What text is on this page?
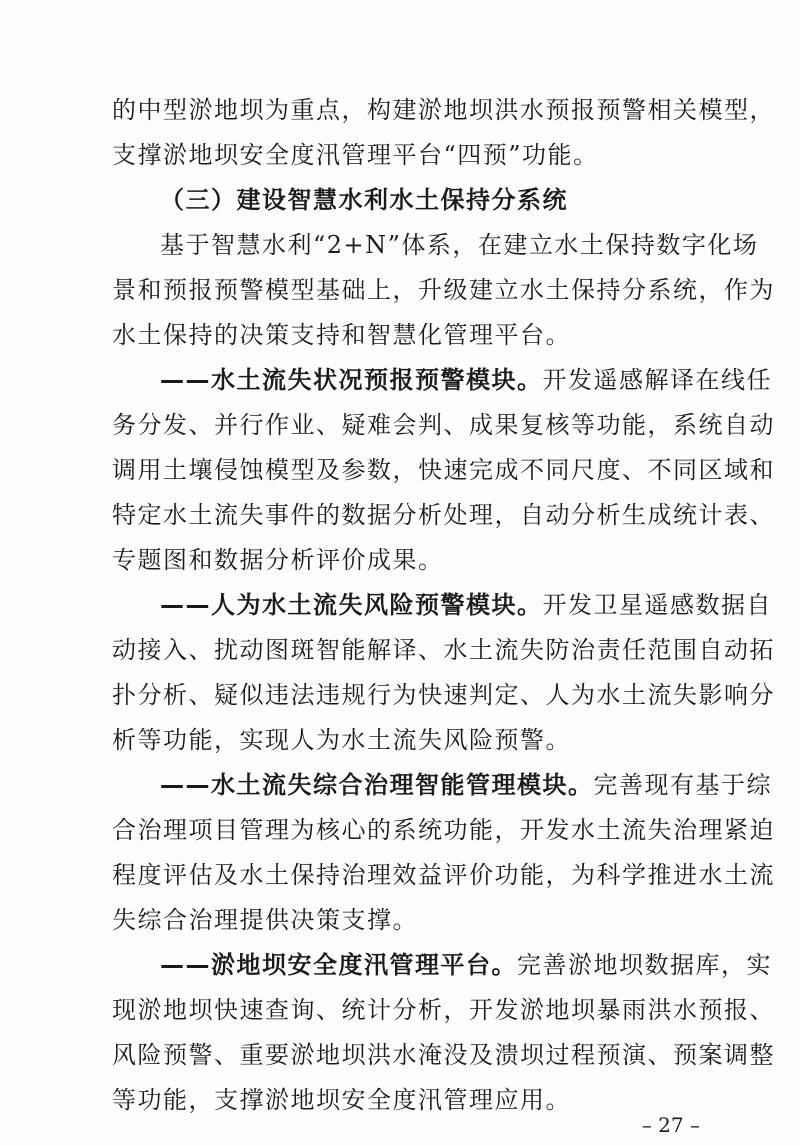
的中型淤地坝为重点，构建淤地坝洪水预报预警相关模型，
支撑淤地坝安全度汛管理平台“四预”功能。
（三）建设智慧水利水土保持分系统
基于智慧水利“2+N”体系，在建立水土保持数字化场
景和预报预警模型基础上，升级建立水土保持分系统，作为
水土保持的决策支持和智慧化管理平台。
——水土流失状况预报预警模块。开发遥感解译在线任
务分发、并行作业、疑难会判、成果复核等功能，系统自动
调用土壤侵蚀模型及参数，快速完成不同尺度、不同区域和
特定水土流失事件的数据分析处理，自动分析生成统计表、
专题图和数据分析评价成果。
——人为水土流失风险预警模块。开发卫星遥感数据自
动接入、扰动图斑智能解译、水土流失防治责任范围自动拓
扑分析、疑似违法违规行为快速判定、人为水土流失影响分
析等功能，实现人为水土流失风险预警。
——水土流失综合治理智能管理模块。完善现有基于综
合治理项目管理为核心的系统功能，开发水土流失治理紧迫
程度评估及水土保持治理效益评价功能，为科学推进水土流
失综合治理提供决策支撑。
——淤地坝安全度汛管理平台。完善淤地坝数据库，实
现淤地坝快速查询、统计分析，开发淤地坝暴雨洪水预报、
风险预警、重要淤地坝洪水淹没及溃坝过程预演、预案调整
等功能，支撑淤地坝安全度汛管理应用。
– 27 –
